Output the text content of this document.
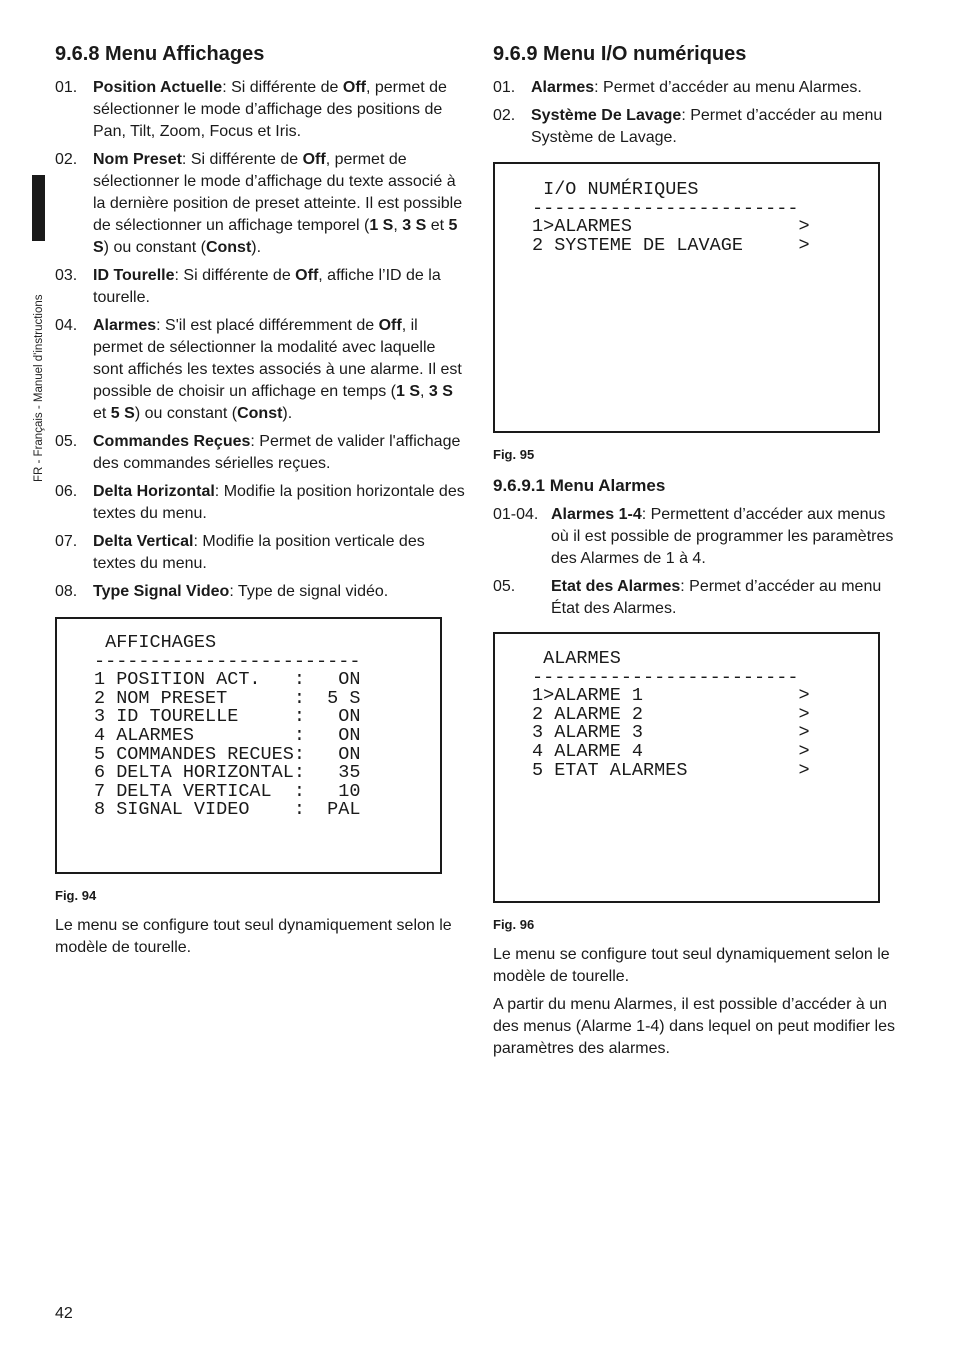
FR - Français - Manuel d'instructions
9.6.8 Menu Affichages
01. Position Actuelle: Si différente de Off, permet de sélectionner le mode d’affichage des positions de Pan, Tilt, Zoom, Focus et Iris.
02. Nom Preset: Si différente de Off, permet de sélectionner le mode d’affichage du texte associé à la dernière position de preset atteinte. Il est possible de sélectionner un affichage temporel (1 S, 3 S et 5 S) ou constant (Const).
03. ID Tourelle: Si différente de Off, affiche l’ID de la tourelle.
04. Alarmes: S'il est placé différemment de Off, il permet de sélectionner la modalité avec laquelle sont affichés les textes associés à une alarme. Il est possible de choisir un affichage en temps (1 S, 3 S et 5 S) ou constant (Const).
05. Commandes Reçues: Permet de valider l'affichage des commandes sérielles reçues.
06. Delta Horizontal: Modifie la position horizontale des textes du menu.
07. Delta Vertical: Modifie la position verticale des textes du menu.
08. Type Signal Video: Type de signal vidéo.
AFFICHAGES
------------------------
1 POSITION ACT.   :   ON
2 NOM PRESET      :  5 S
3 ID TOURELLE     :   ON
4 ALARMES         :   ON
5 COMMANDES RECUES:   ON
6 DELTA HORIZONTAL:   35
7 DELTA VERTICAL  :   10
8 SIGNAL VIDEO    :  PAL
Fig. 94

Le menu se configure tout seul dynamiquement selon le modèle de tourelle.

9.6.9 Menu I/O numériques
01. Alarmes: Permet d’accéder au menu Alarmes.
02. Système De Lavage: Permet d’accéder au menu Système de Lavage.
I/O NUMÉRIQUES
------------------------
1>ALARMES               >
2 SYSTEME DE LAVAGE     >
Fig. 95
9.6.9.1 Menu Alarmes
01-04. Alarmes 1-4: Permettent d’accéder aux menus où il est possible de programmer les paramètres des Alarmes de 1 à 4.
05.	Etat des Alarmes: Permet d’accéder au menu État des Alarmes.
ALARMES
------------------------
1>ALARME 1              >
2 ALARME 2              >
3 ALARME 3              >
4 ALARME 4              >
5 ETAT ALARMES          >
Fig. 96

Le menu se configure tout seul dynamiquement selon le modèle de tourelle.

A partir du menu Alarmes, il est possible d’accéder à un des menus (Alarme 1-4) dans lequel on peut modifier les paramètres des alarmes.

42
